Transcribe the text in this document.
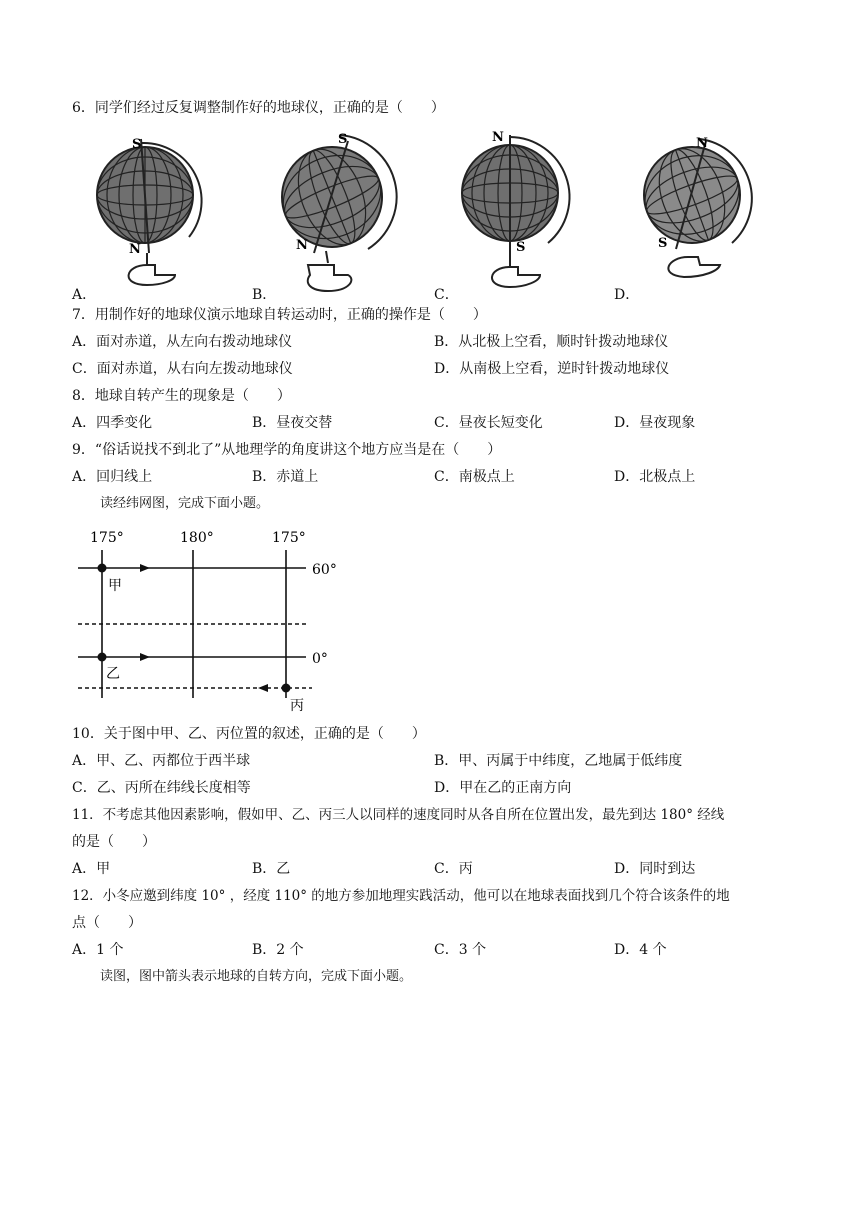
6．同学们经过反复调整制作好的地球仪，正确的是（　　）
S
N
A．
S
N
B．
N
S
C．
N
S
D．
7．用制作好的地球仪演示地球自转运动时，正确的操作是（　　）
A．面对赤道，从左向右拨动地球仪	B．从北极上空看，顺时针拨动地球仪
C．面对赤道，从右向左拨动地球仪	D．从南极上空看，逆时针拨动地球仪
8．地球自转产生的现象是（　　）
A．四季变化	B．昼夜交替	C．昼夜长短变化	D．昼夜现象
9．“俗话说找不到北了”从地理学的角度讲这个地方应当是在（　　）
A．回归线上	B．赤道上	C．南极点上	D．北极点上
读经纬网图，完成下面小题。
175°	180°	175°
60°
0°
甲
乙
丙
10．关于图中甲、乙、丙位置的叙述，正确的是（　　）
A．甲、乙、丙都位于西半球	B．甲、丙属于中纬度，乙地属于低纬度
C．乙、丙所在纬线长度相等	D．甲在乙的正南方向
11．不考虑其他因素影响，假如甲、乙、丙三人以同样的速度同时从各自所在位置出发，最先到达 180° 经线
的是（　　）
A．甲	B．乙	C．丙	D．同时到达
12．小冬应邀到纬度 10° ，经度 110° 的地方参加地理实践活动，他可以在地球表面找到几个符合该条件的地
点（　　）
A．1 个	B．2 个	C．3 个	D．4 个
读图，图中箭头表示地球的自转方向，完成下面小题。
